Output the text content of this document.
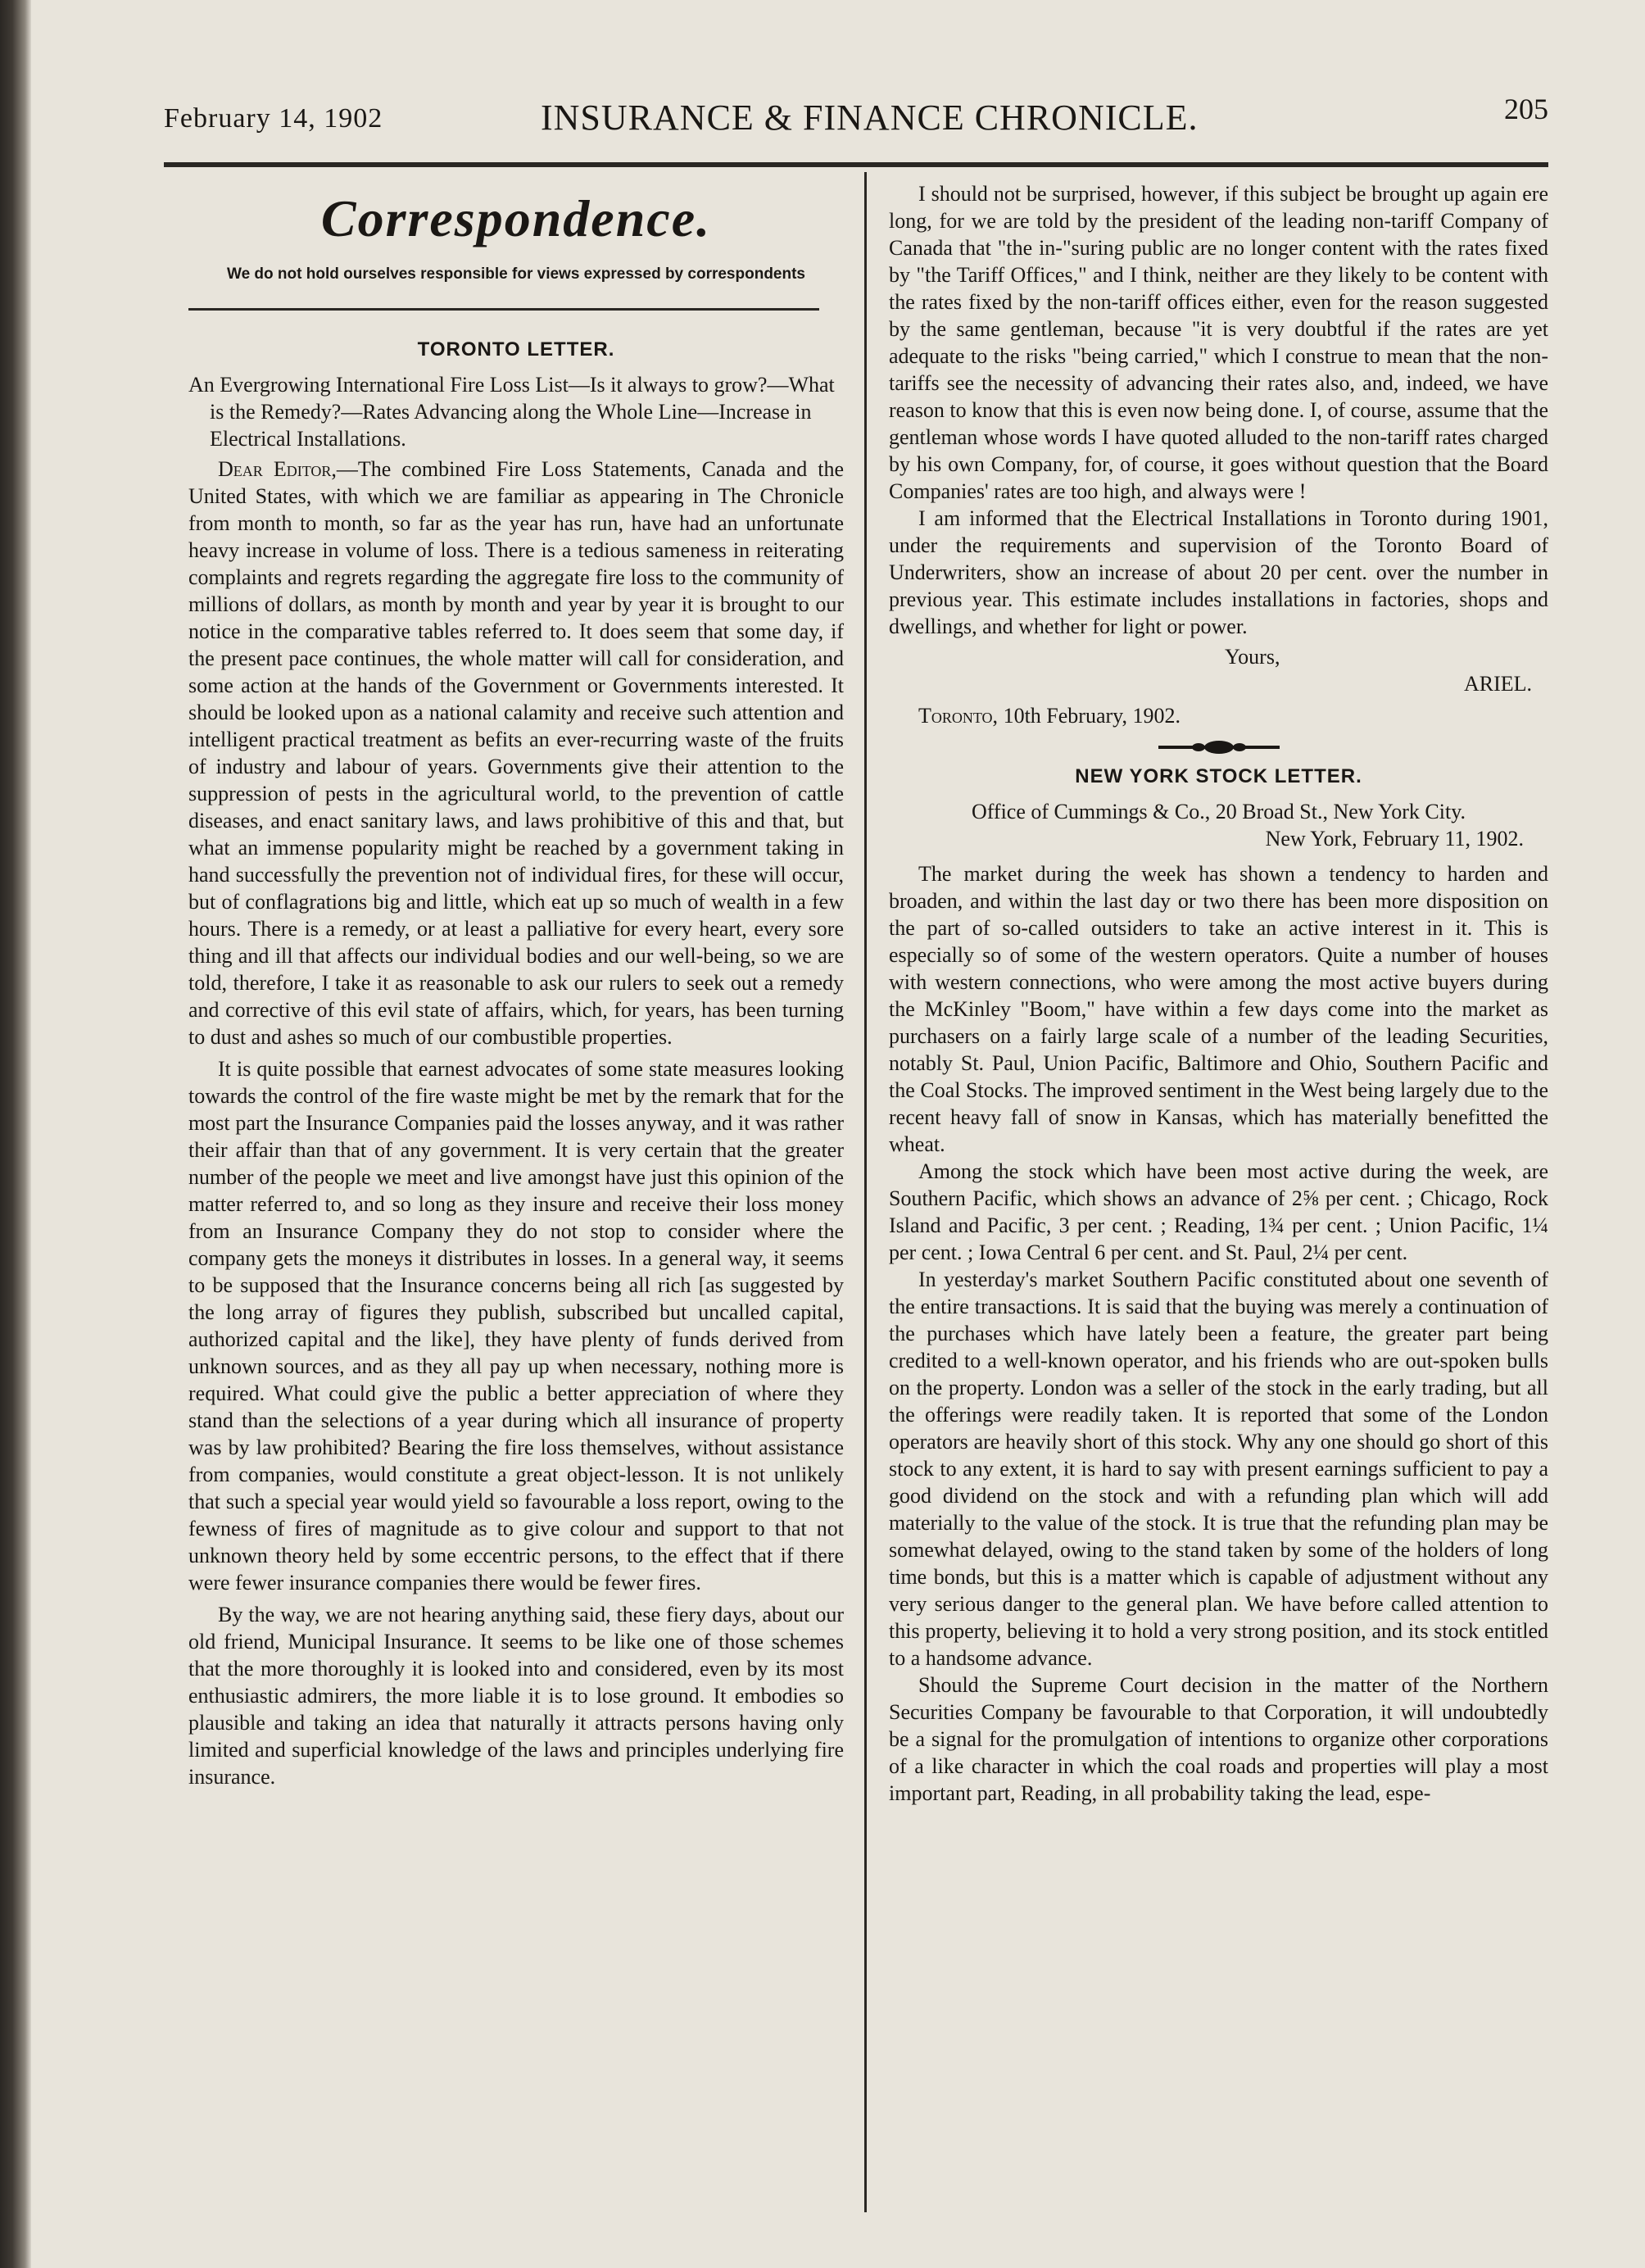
February 14, 1902	INSURANCE & FINANCE CHRONICLE.	205
Correspondence.
We do not hold ourselves responsible for views expressed by correspondents
TORONTO LETTER.
An Evergrowing International Fire Loss List—Is it always to grow?—What is the Remedy?—Rates Advancing along the Whole Line—Increase in Electrical Installations.

Dear Editor,—The combined Fire Loss Statements, Canada and the United States, with which we are familiar as appearing in The Chronicle from month to month, so far as the year has run, have had an unfortunate heavy increase in volume of loss. There is a tedious sameness in reiterating complaints and regrets regarding the aggregate fire loss to the community of millions of dollars, as month by month and year by year it is brought to our notice in the comparative tables referred to. It does seem that some day, if the present pace continues, the whole matter will call for consideration, and some action at the hands of the Government or Governments interested. It should be looked upon as a national calamity and receive such attention and intelligent practical treatment as befits an ever-recurring waste of the fruits of industry and labour of years. Governments give their attention to the suppression of pests in the agricultural world, to the prevention of cattle diseases, and enact sanitary laws, and laws prohibitive of this and that, but what an immense popularity might be reached by a government taking in hand successfully the prevention not of individual fires, for these will occur, but of conflagrations big and little, which eat up so much of wealth in a few hours. There is a remedy, or at least a palliative for every heart, every sore thing and ill that affects our individual bodies and our well-being, so we are told, therefore, I take it as reasonable to ask our rulers to seek out a remedy and corrective of this evil state of affairs, which, for years, has been turning to dust and ashes so much of our combustible properties.

It is quite possible that earnest advocates of some state measures looking towards the control of the fire waste might be met by the remark that for the most part the Insurance Companies paid the losses anyway, and it was rather their affair than that of any government. It is very certain that the greater number of the people we meet and live amongst have just this opinion of the matter referred to, and so long as they insure and receive their loss money from an Insurance Company they do not stop to consider where the company gets the moneys it distributes in losses. In a general way, it seems to be supposed that the Insurance concerns being all rich [as suggested by the long array of figures they publish, subscribed but uncalled capital, authorized capital and the like], they have plenty of funds derived from unknown sources, and as they all pay up when necessary, nothing more is required. What could give the public a better appreciation of where they stand than the selections of a year during which all insurance of property was by law prohibited? Bearing the fire loss themselves, without assistance from companies, would constitute a great object-lesson. It is not unlikely that such a special year would yield so favourable a loss report, owing to the fewness of fires of magnitude as to give colour and support to that not unknown theory held by some eccentric persons, to the effect that if there were fewer insurance companies there would be fewer fires.

By the way, we are not hearing anything said, these fiery days, about our old friend, Municipal Insurance. It seems to be like one of those schemes that the more thoroughly it is looked into and considered, even by its most enthusiastic admirers, the more liable it is to lose ground. It embodies so plausible and taking an idea that naturally it attracts persons having only limited and superficial knowledge of the laws and principles underlying fire insurance.

I should not be surprised, however, if this subject be brought up again ere long, for we are told by the president of the leading non-tariff Company of Canada that "the in-"suring public are no longer content with the rates fixed by "the Tariff Offices," and I think, neither are they likely to be content with the rates fixed by the non-tariff offices either, even for the reason suggested by the same gentleman, because "it is very doubtful if the rates are yet adequate to the risks "being carried," which I construe to mean that the non-tariffs see the necessity of advancing their rates also, and, indeed, we have reason to know that this is even now being done. I, of course, assume that the gentleman whose words I have quoted alluded to the non-tariff rates charged by his own Company, for, of course, it goes without question that the Board Companies' rates are too high, and always were !

I am informed that the Electrical Installations in Toronto during 1901, under the requirements and supervision of the Toronto Board of Underwriters, show an increase of about 20 per cent. over the number in previous year. This estimate includes installations in factories, shops and dwellings, and whether for light or power.

Yours,
ARIEL.
Toronto, 10th February, 1902.
NEW YORK STOCK LETTER.
Office of Cummings & Co., 20 Broad St., New York City.
New York, February 11, 1902.

The market during the week has shown a tendency to harden and broaden, and within the last day or two there has been more disposition on the part of so-called outsiders to take an active interest in it. This is especially so of some of the western operators. Quite a number of houses with western connections, who were among the most active buyers during the McKinley "Boom," have within a few days come into the market as purchasers on a fairly large scale of a number of the leading Securities, notably St. Paul, Union Pacific, Baltimore and Ohio, Southern Pacific and the Coal Stocks. The improved sentiment in the West being largely due to the recent heavy fall of snow in Kansas, which has materially benefitted the wheat.

Among the stock which have been most active during the week, are Southern Pacific, which shows an advance of 2⅝ per cent. ; Chicago, Rock Island and Pacific, 3 per cent. ; Reading, 1¾ per cent. ; Union Pacific, 1¼ per cent. ; Iowa Central 6 per cent. and St. Paul, 2¼ per cent.

In yesterday's market Southern Pacific constituted about one seventh of the entire transactions. It is said that the buying was merely a continuation of the purchases which have lately been a feature, the greater part being credited to a well-known operator, and his friends who are out-spoken bulls on the property. London was a seller of the stock in the early trading, but all the offerings were readily taken. It is reported that some of the London operators are heavily short of this stock. Why any one should go short of this stock to any extent, it is hard to say with present earnings sufficient to pay a good dividend on the stock and with a refunding plan which will add materially to the value of the stock. It is true that the refunding plan may be somewhat delayed, owing to the stand taken by some of the holders of long time bonds, but this is a matter which is capable of adjustment without any very serious danger to the general plan. We have before called attention to this property, believing it to hold a very strong position, and its stock entitled to a handsome advance.

Should the Supreme Court decision in the matter of the Northern Securities Company be favourable to that Corporation, it will undoubtedly be a signal for the promulgation of intentions to organize other corporations of a like character in which the coal roads and properties will play a most important part, Reading, in all probability taking the lead, espe-
